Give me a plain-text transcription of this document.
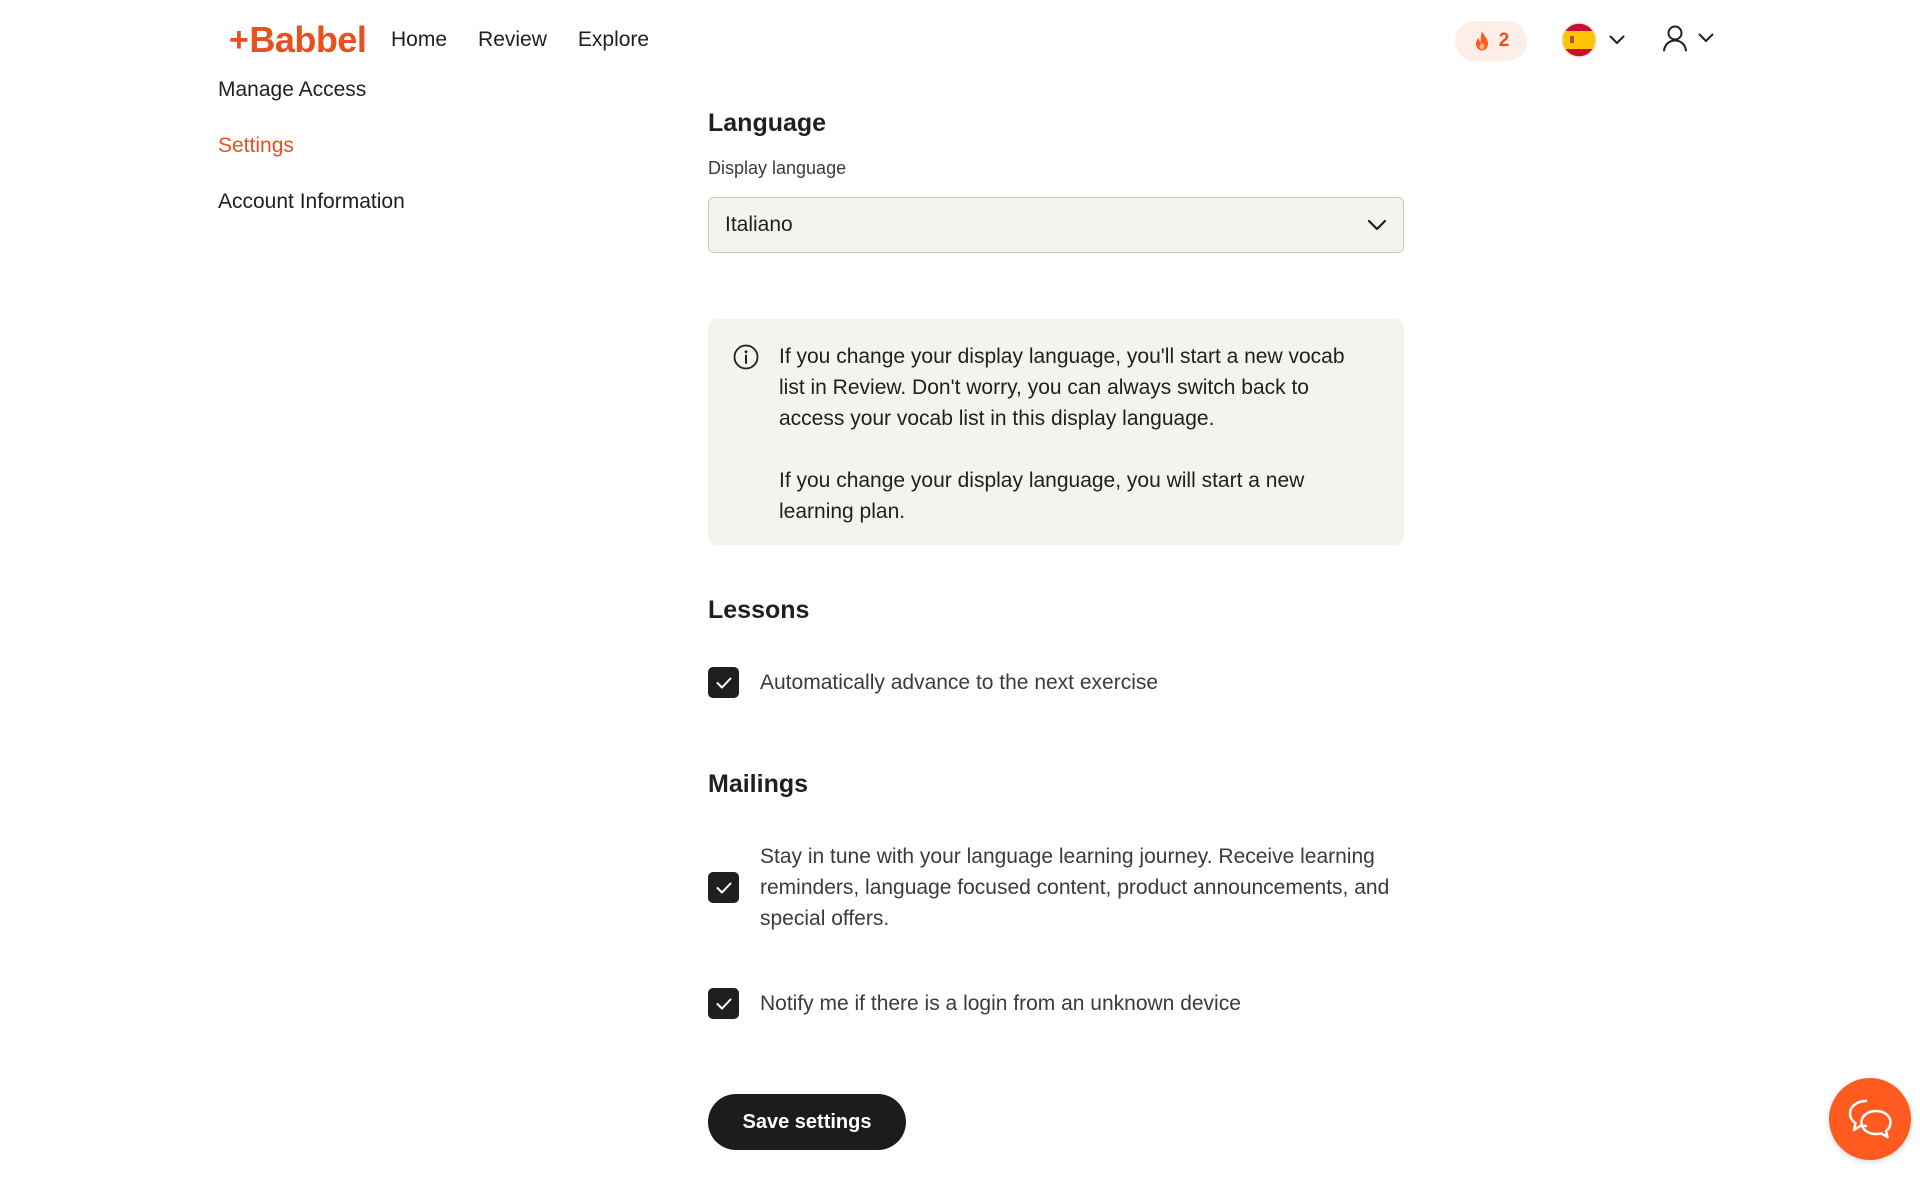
+ Babbel Home Review Explore	2
Manage Access
Settings
Account Information
Language
Display language
Italiano

If you change your display language, you'll start a new vocab list in Review. Don't worry, you can always switch back to access your vocab list in this display language.

If you change your display language, you will start a new learning plan.

Lessons
Automatically advance to the next exercise
Mailings
Stay in tune with your language learning journey. Receive learning reminders, language focused content, product announcements, and special offers.
Notify me if there is a login from an unknown device
Save settings
